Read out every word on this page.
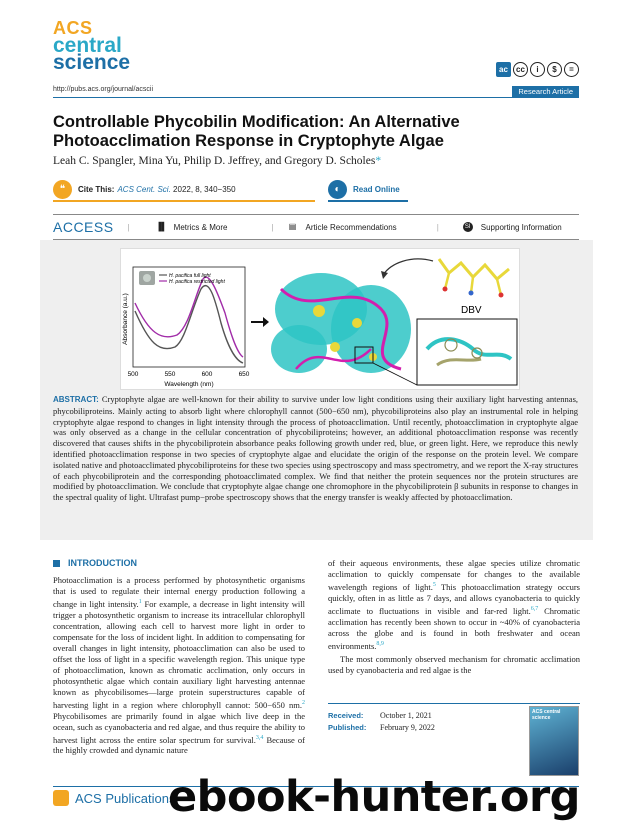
ACS
central
science	ac	cc	i	$	=
http://pubs.acs.org/journal/acscii	Research Article
Controllable Phycobilin Modification: An Alternative Photoacclimation Response in Cryptophyte Algae
Leah C. Spangler, Mina Yu, Philip D. Jeffrey, and Gregory D. Scholes*
❝	Cite This: ACS Cent. Sci. 2022, 8, 340−350	◐	Read Online
ACCESS |	▐▌ Metrics & More	| ▤ Article Recommendations	|	SI Supporting Information
H. pacifica full light
H. pacifica restricted light
Absorbance (a.u.)
500	550	600	650
Wavelength (nm)
DBV
ABSTRACT: Cryptophyte algae are well-known for their ability to survive under low light conditions using their auxiliary light harvesting antennas, phycobiliproteins. Mainly acting to absorb light where chlorophyll cannot (500−650 nm), phycobiliproteins also play an instrumental role in helping cryptophyte algae respond to changes in light intensity through the process of photoacclimation. Until recently, photoacclimation in cryptophyte algae was only observed as a change in the cellular concentration of phycobiliproteins; however, an additional photoacclimation response was recently discovered that causes shifts in the phycobiliprotein absorbance peaks following growth under red, blue, or green light. Here, we reproduce this newly identified photoacclimation response in two species of cryptophyte algae and elucidate the origin of the response on the protein level. We compare isolated native and photoacclimated phycobiliproteins for these two species using spectroscopy and mass spectrometry, and we report the X-ray structures of each phycobiliprotein and the corresponding photoacclimated complex. We find that neither the protein sequences nor the protein structures are modified by photoacclimation. We conclude that cryptophyte algae change one chromophore in the phycobiliprotein β subunits in response to changes in the spectral quality of light. Ultrafast pump−probe spectroscopy shows that the energy transfer is weakly affected by photoacclimation.
INTRODUCTION

Photoacclimation is a process performed by photosynthetic organisms that is used to regulate their internal energy production following a change in light intensity.$^1$ For example, a decrease in light intensity will trigger a photosynthetic organism to increase its intracellular chlorophyll concentration, allowing each cell to harvest more light in order to compensate for the loss of incident light. In addition to compensating for overall changes in light intensity, photoacclimation can also be used to offset the loss of light in a specific wavelength region. This unique type of photoacclimation, known as chromatic acclimation, only occurs in photosynthetic algae which contain auxiliary light harvesting antennae known as phycobilisomes—large protein superstructures capable of harvesting light in a region where chlorophyll cannot: 500−650 nm.$^2$ Phycobilisomes are primarily found in algae which live deep in the ocean, such as cyanobacteria and red algae, and thus require the ability to harvest light across the entire solar spectrum for survival.$^{3,4}$ Because of the highly crowded and dynamic nature

of their aqueous environments, these algae species utilize chromatic acclimation to quickly compensate for changes to the available wavelength regions of light.$^5$ This photoacclimation strategy occurs quickly, often in as little as 7 days, and allows cyanobacteria to quickly acclimate to fluctuations in visible and far-red light.$^{6,7}$ Chromatic acclimation has recently been shown to occur in ~40% of cyanobacteria across the globe and is found in both freshwater and ocean environments.$^{8,9}$

The most commonly observed mechanism for chromatic acclimation used by cyanobacteria and red algae is the

Received: October 1, 2021
Published: February 9, 2022
ACS central science
ACS Publications
ebook-hunter.org
